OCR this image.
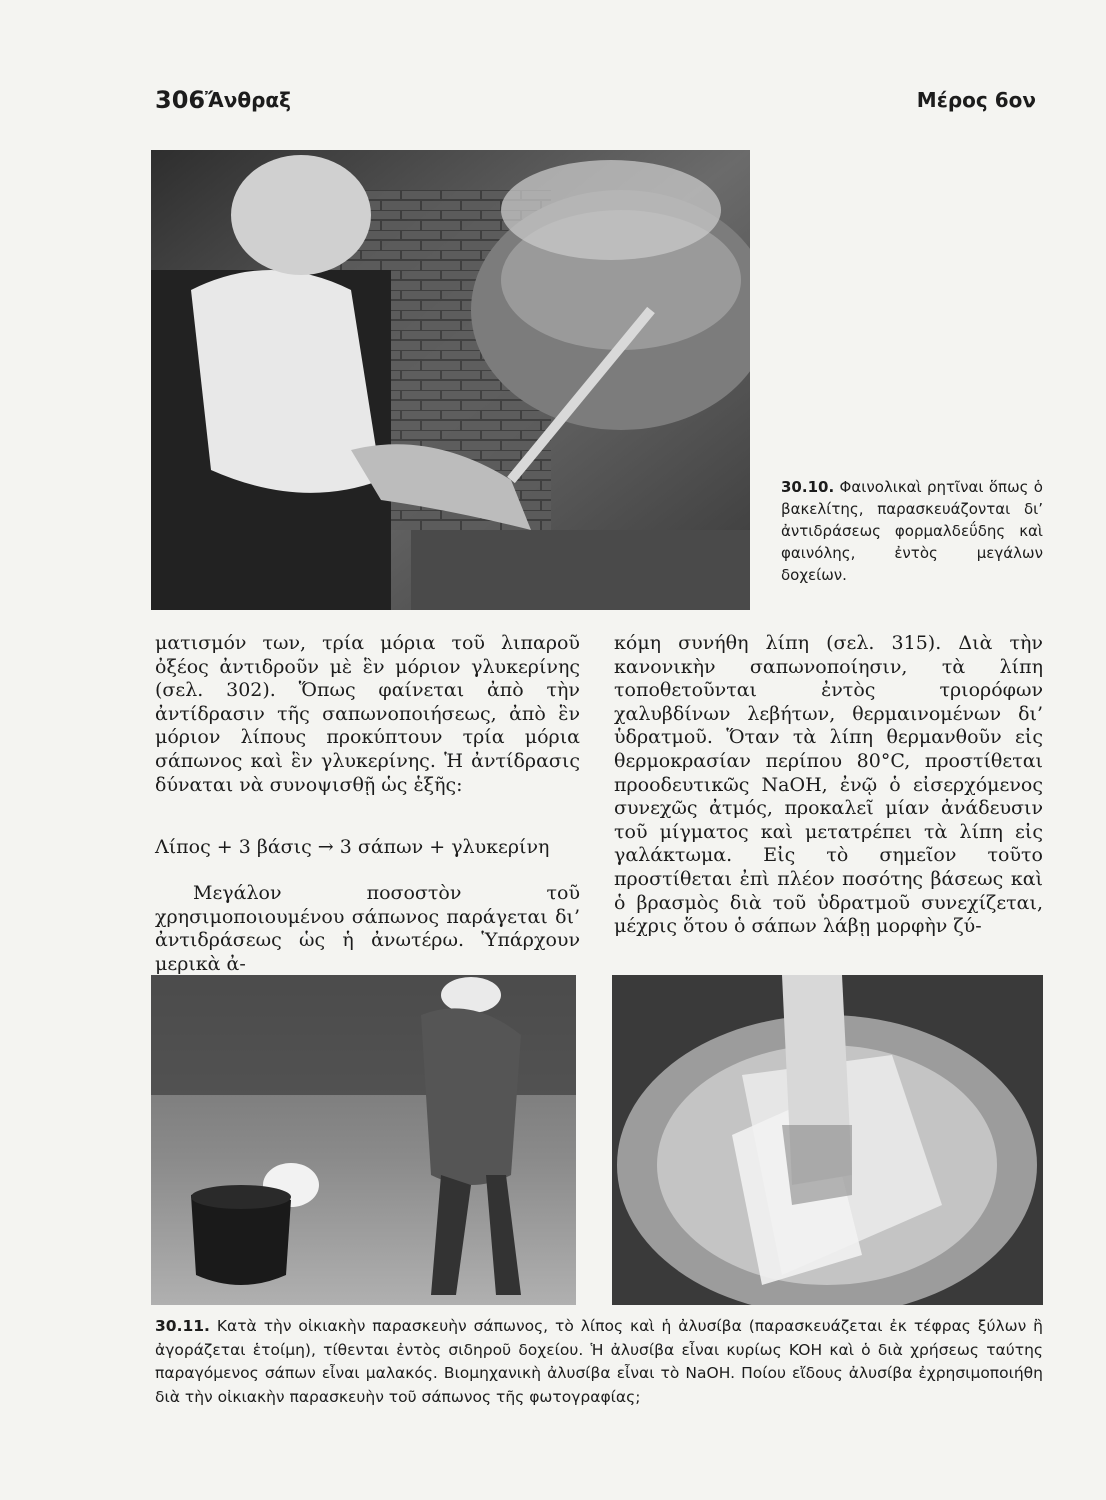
306 Ἄνθραξ	Μέρος 6ον
30.10. Φαινολικαὶ ρητῖναι ὅπως ὁ βακελίτης, παρασκευάζονται δι’ ἀντιδράσεως φορμαλδεΰδης καὶ φαινόλης, ἐντὸς μεγάλων δοχείων.

ματισμόν των, τρία μόρια τοῦ λιπαροῦ ὀξέος ἀντιδροῦν μὲ ἓν μόριον γλυκερίνης (σελ. 302). Ὅπως φαίνεται ἀπὸ τὴν ἀντίδρασιν τῆς σαπωνοποιήσεως, ἀπὸ ἓν μόριον λίπους προκύπτουν τρία μόρια σάπωνος καὶ ἓν γλυκερίνης. Ἡ ἀντίδρασις δύναται νὰ συνοψισθῇ ὡς ἑξῆς:

Λίπος + 3 βάσις → 3 σάπων + γλυκερίνη

Μεγάλον ποσοστὸν τοῦ χρησιμοποιουμένου σάπωνος παράγεται δι’ ἀντιδράσεως ὡς ἡ ἀνωτέρω. Ὑπάρχουν μερικὰ ἀ-

κόμη συνήθη λίπη (σελ. 315). Διὰ τὴν κανονικὴν σαπωνοποίησιν, τὰ λίπη τοποθετοῦνται ἐντὸς τριορόφων χαλυβδίνων λεβήτων, θερμαινομένων δι’ ὑδρατμοῦ. Ὅταν τὰ λίπη θερμανθοῦν εἰς θερμοκρασίαν περίπου 80°C, προστίθεται προοδευτικῶς NaOH, ἐνῷ ὁ εἰσερχόμενος συνεχῶς ἀτμός, προκαλεῖ μίαν ἀνάδευσιν τοῦ μίγματος καὶ μετατρέπει τὰ λίπη εἰς γαλάκτωμα. Εἰς τὸ σημεῖον τοῦτο προστίθεται ἐπὶ πλέον ποσότης βάσεως καὶ ὁ βρασμὸς διὰ τοῦ ὑδρατμοῦ συνεχίζεται, μέχρις ὅτου ὁ σάπων λάβῃ μορφὴν ζύ-

30.11. Κατὰ τὴν οἰκιακὴν παρασκευὴν σάπωνος, τὸ λίπος καὶ ἡ ἀλυσίβα (παρασκευάζεται ἐκ τέφρας ξύλων ἢ ἀγοράζεται ἑτοίμη), τίθενται ἐντὸς σιδηροῦ δοχείου. Ἡ ἀλυσίβα εἶναι κυρίως KOH καὶ ὁ διὰ χρήσεως ταύτης παραγόμενος σάπων εἶναι μαλακός. Βιομηχανικὴ ἀλυσίβα εἶναι τὸ NaOH. Ποίου εἴδους ἀλυσίβα ἐχρησιμοποιήθη διὰ τὴν οἰκιακὴν παρασκευὴν τοῦ σάπωνος τῆς φωτογραφίας;
